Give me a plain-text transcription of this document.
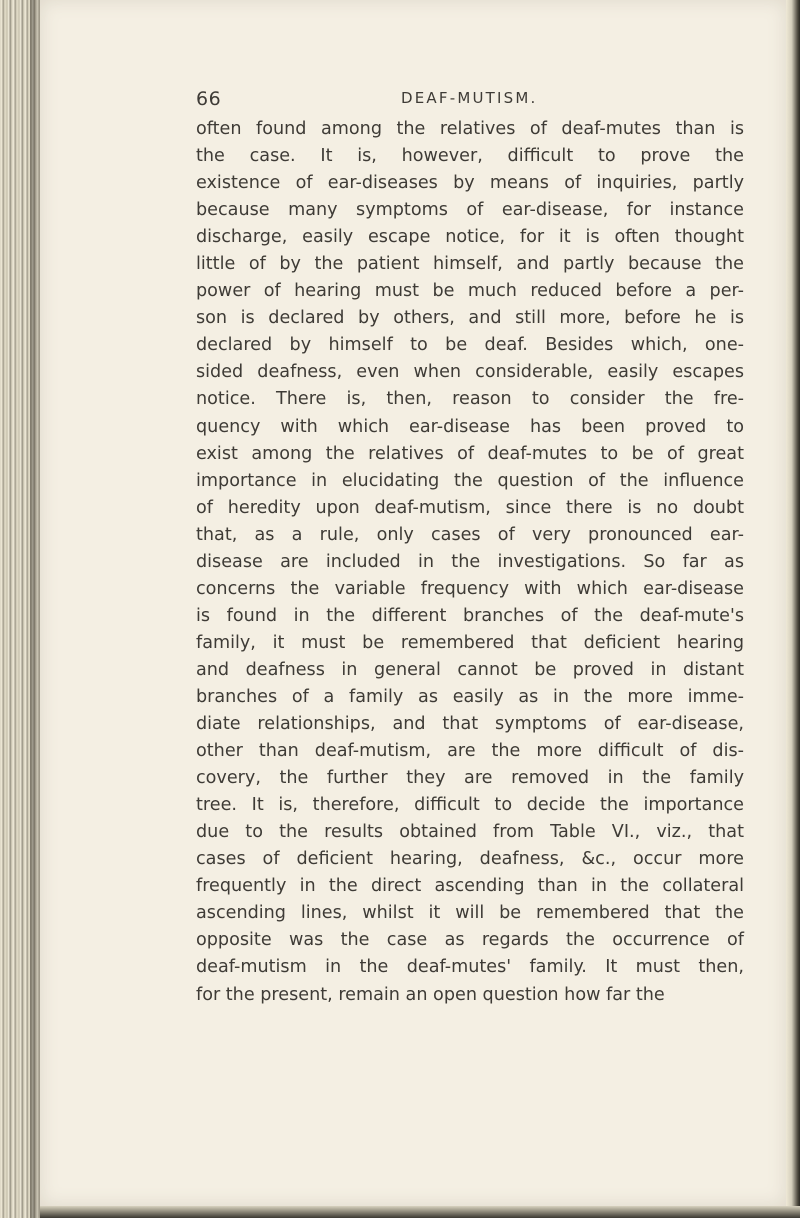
66	DEAF-MUTISM.
often found among the relatives of deaf-mutes than is
the case. It is, however, difficult to prove the
existence of ear-diseases by means of inquiries, partly
because many symptoms of ear-disease, for instance
discharge, easily escape notice, for it is often thought
little of by the patient himself, and partly because the
power of hearing must be much reduced before a per-
son is declared by others, and still more, before he is
declared by himself to be deaf. Besides which, one-
sided deafness, even when considerable, easily escapes
notice. There is, then, reason to consider the fre-
quency with which ear-disease has been proved to
exist among the relatives of deaf-mutes to be of great
importance in elucidating the question of the influence
of heredity upon deaf-mutism, since there is no doubt
that, as a rule, only cases of very pronounced ear-
disease are included in the investigations. So far as
concerns the variable frequency with which ear-disease
is found in the different branches of the deaf-mute's
family, it must be remembered that deficient hearing
and deafness in general cannot be proved in distant
branches of a family as easily as in the more imme-
diate relationships, and that symptoms of ear-disease,
other than deaf-mutism, are the more difficult of dis-
covery, the further they are removed in the family
tree. It is, therefore, difficult to decide the importance
due to the results obtained from Table VI., viz., that
cases of deficient hearing, deafness, &c., occur more
frequently in the direct ascending than in the collateral
ascending lines, whilst it will be remembered that the
opposite was the case as regards the occurrence of
deaf-mutism in the deaf-mutes' family. It must then,
for the present, remain an open question how far the
